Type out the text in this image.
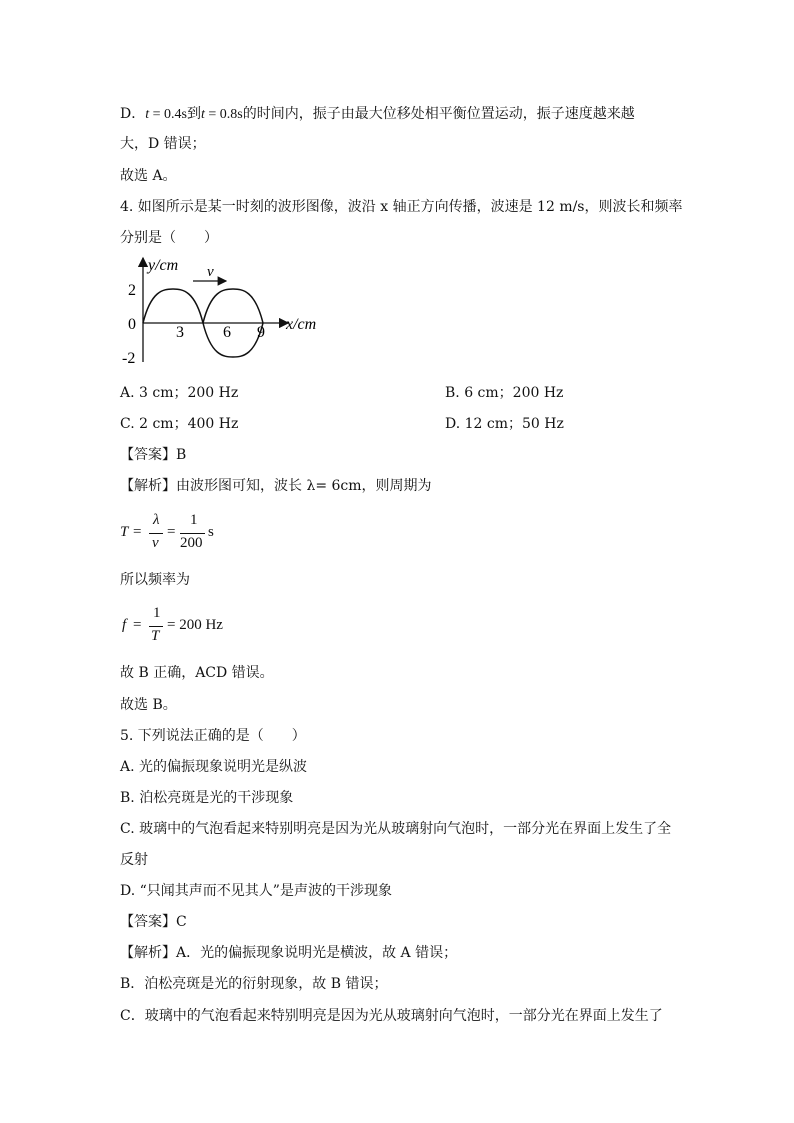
D．t = 0.4s到t = 0.8s的时间内，振子由最大位移处相平衡位置运动，振子速度越来越
大，D 错误；
故选 A。
4. 如图所示是某一时刻的波形图像，波沿 x 轴正方向传播，波速是 12 m/s，则波长和频率
分别是（　　）
v
y/cm
x/cm
2
0
-2
3 6 9
A. 3 cm；200 Hz	B. 6 cm；200 Hz
C. 2 cm；400 Hz	D. 12 cm；50 Hz
【答案】B
【解析】由波形图可知，波长 λ= 6cm，则周期为
T =
λ
v
=
1
200
s
所以频率为
f =
1
T
= 200 Hz
故 B 正确，ACD 错误。
故选 B。
5. 下列说法正确的是（　　）
A. 光的偏振现象说明光是纵波
B. 泊松亮斑是光的干涉现象
C. 玻璃中的气泡看起来特别明亮是因为光从玻璃射向气泡时，一部分光在界面上发生了全
反射
D. “只闻其声而不见其人”是声波的干涉现象
【答案】C
【解析】A．光的偏振现象说明光是横波，故 A 错误；
B．泊松亮斑是光的衍射现象，故 B 错误；
C．玻璃中的气泡看起来特别明亮是因为光从玻璃射向气泡时，一部分光在界面上发生了
